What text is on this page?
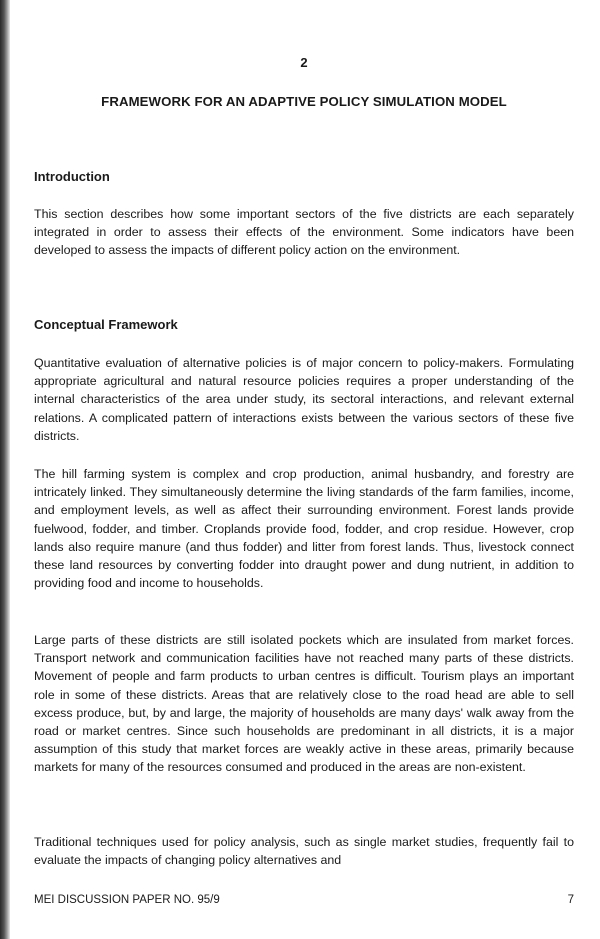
2
FRAMEWORK FOR AN ADAPTIVE POLICY SIMULATION MODEL
Introduction

This section describes how some important sectors of the five districts are each separately integrated in order to assess their effects of the environment. Some indicators have been developed to assess the impacts of different policy action on the environment.

Conceptual Framework

Quantitative evaluation of alternative policies is of major concern to policy-makers. Formulating appropriate agricultural and natural resource policies requires a proper understanding of the internal characteristics of the area under study, its sectoral interactions, and relevant external relations. A complicated pattern of interactions exists between the various sectors of these five districts.

The hill farming system is complex and crop production, animal husbandry, and forestry are intricately linked. They simultaneously determine the living standards of the farm families, income, and employment levels, as well as affect their surrounding environment. Forest lands provide fuelwood, fodder, and timber. Croplands provide food, fodder, and crop residue. However, crop lands also require manure (and thus fodder) and litter from forest lands. Thus, livestock connect these land resources by converting fodder into draught power and dung nutrient, in addition to providing food and income to households.

Large parts of these districts are still isolated pockets which are insulated from market forces. Transport network and communication facilities have not reached many parts of these districts. Movement of people and farm products to urban centres is difficult. Tourism plays an important role in some of these districts. Areas that are relatively close to the road head are able to sell excess produce, but, by and large, the majority of households are many days' walk away from the road or market centres. Since such households are predominant in all districts, it is a major assumption of this study that market forces are weakly active in these areas, primarily because markets for many of the resources consumed and produced in the areas are non-existent.

Traditional techniques used for policy analysis, such as single market studies, frequently fail to evaluate the impacts of changing policy alternatives and

MEI DISCUSSION PAPER NO. 95/9	7
